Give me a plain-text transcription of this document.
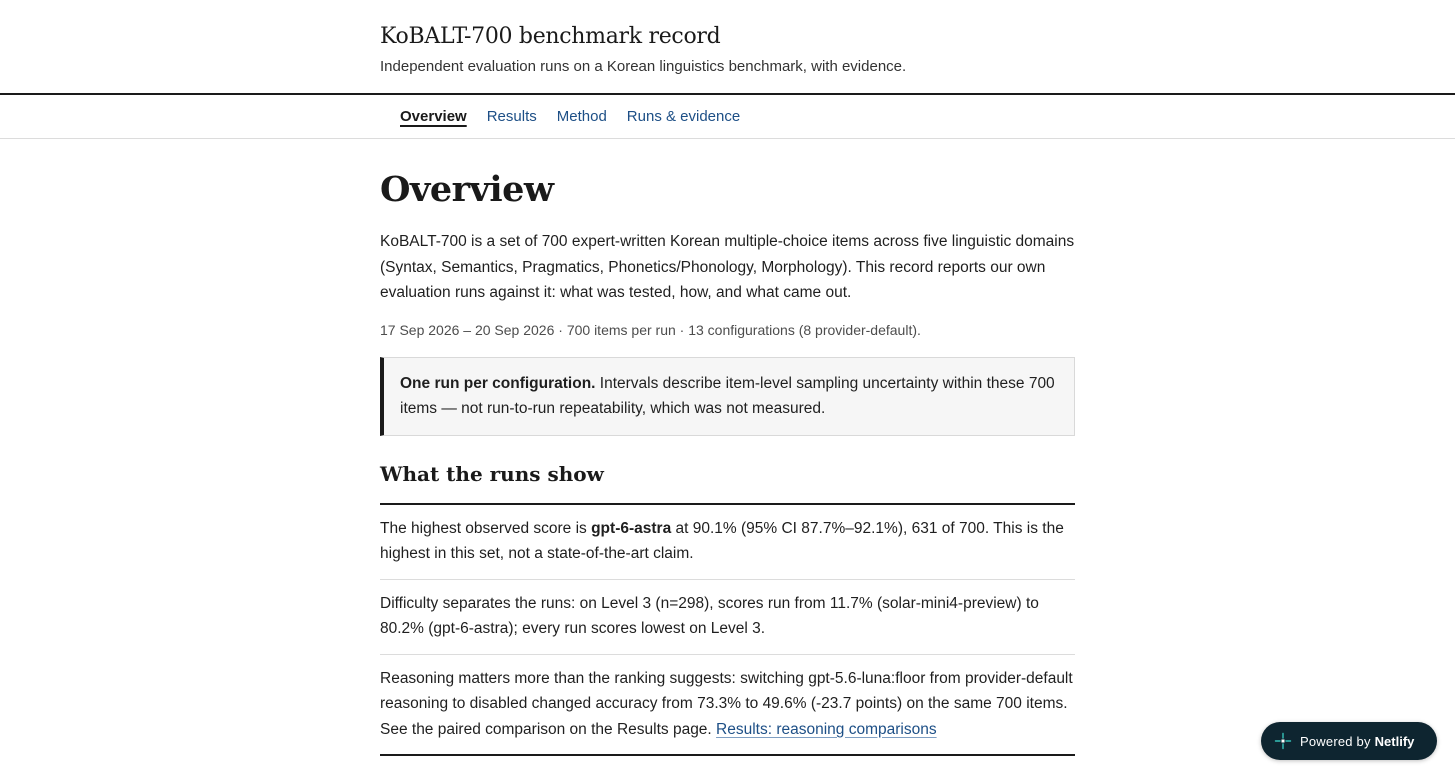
KoBALT-700 benchmark record

Independent evaluation runs on a Korean linguistics benchmark, with evidence.

Overview Results Method Runs & evidence
Overview

KoBALT-700 is a set of 700 expert-written Korean multiple-choice items across five linguistic domains (Syntax, Semantics, Pragmatics, Phonetics/Phonology, Morphology). This record reports our own evaluation runs against it: what was tested, how, and what came out.

17 Sep 2026 – 20 Sep 2026 · 700 items per run · 13 configurations (8 provider-default).

One run per configuration. Intervals describe item-level sampling uncertainty within these 700 items — not run-to-run repeatability, which was not measured.
What the runs show
The highest observed score is gpt-6-astra at 90.1% (95% CI 87.7%–92.1%), 631 of 700. This is the highest in this set, not a state-of-the-art claim.
Difficulty separates the runs: on Level 3 (n=298), scores run from 11.7% (solar-mini4-preview) to 80.2% (gpt-6-astra); every run scores lowest on Level 3.
Reasoning matters more than the ranking suggests: switching gpt-5.6-luna:floor from provider-default reasoning to disabled changed accuracy from 73.3% to 49.6% (-23.7 points) on the same 700 items. See the paired comparison on the Results page. Results: reasoning comparisons
Powered by Netlify
